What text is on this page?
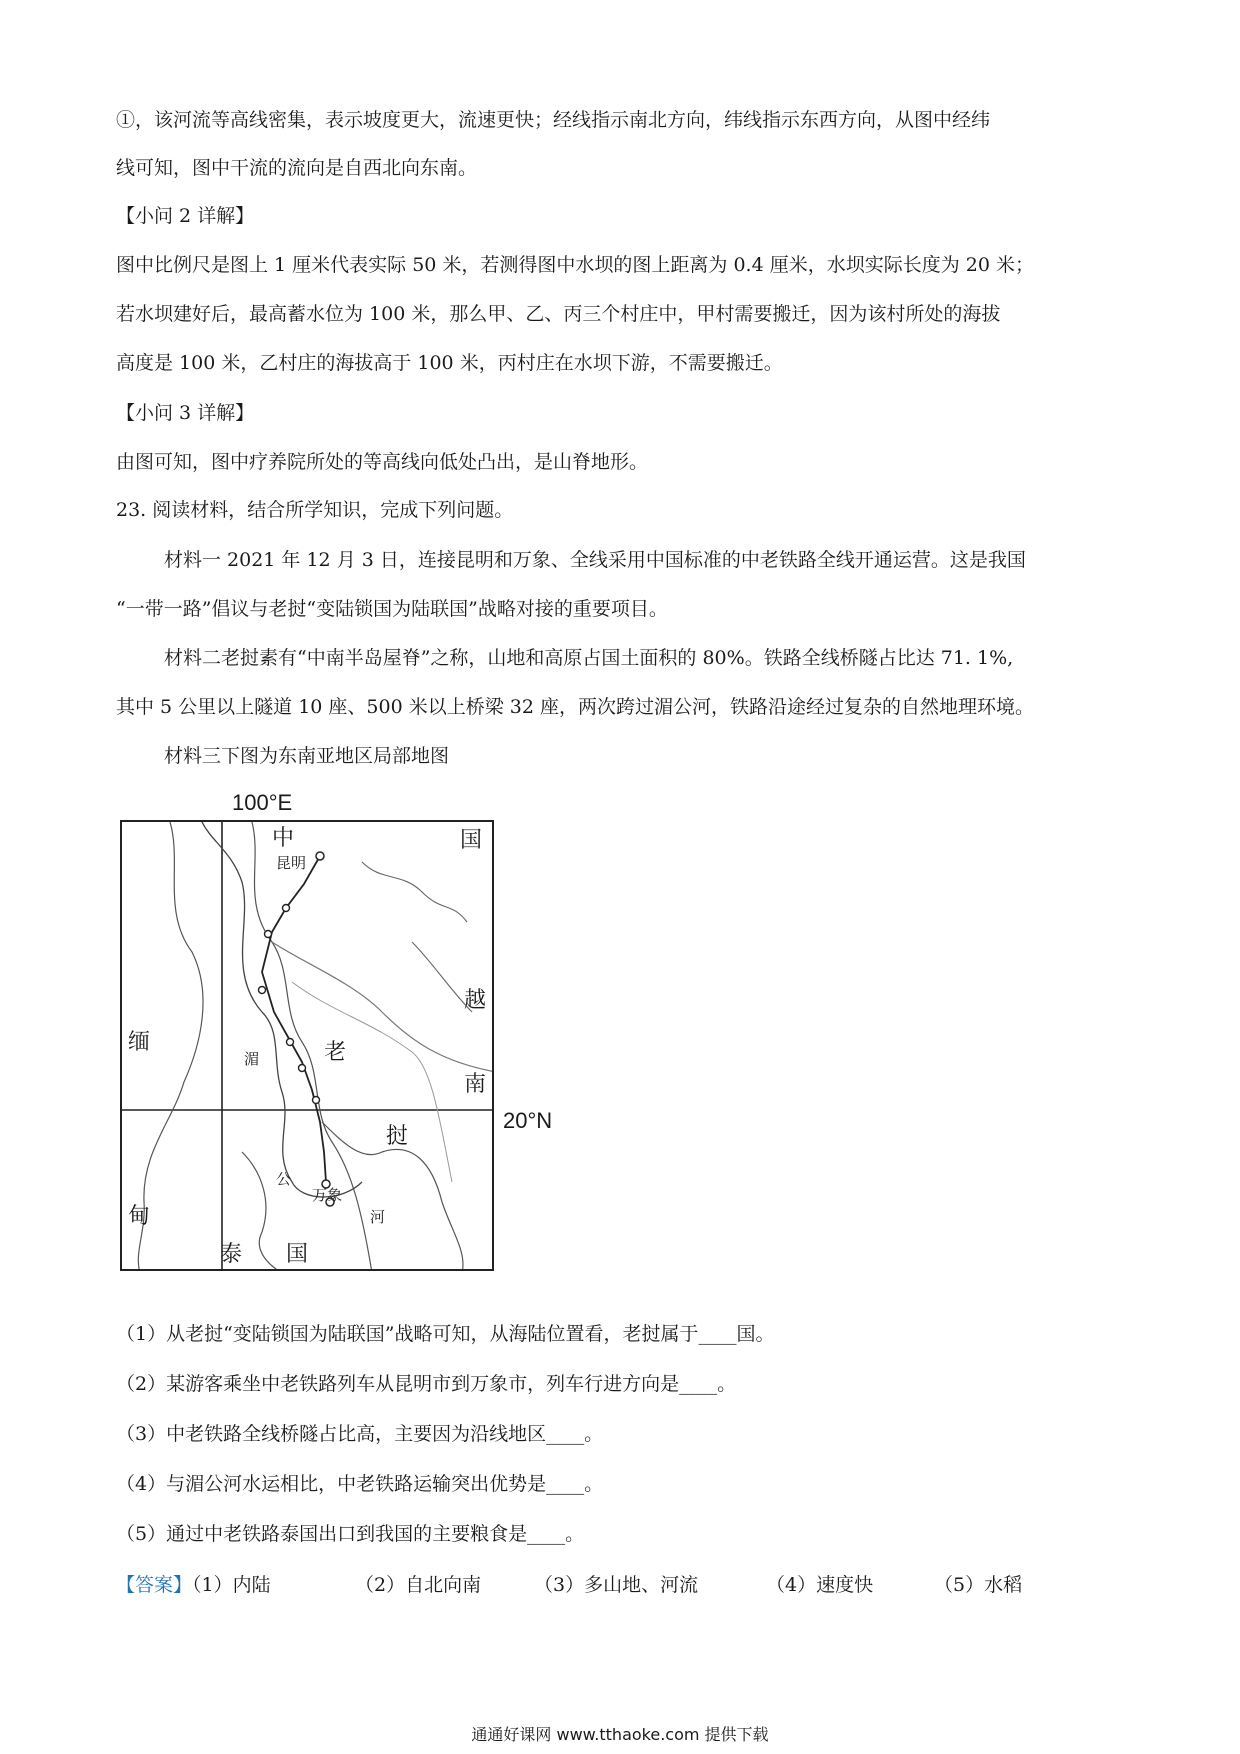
①，该河流等高线密集，表示坡度更大，流速更快；经线指示南北方向，纬线指示东西方向，从图中经纬
线可知，图中干流的流向是自西北向东南。
【小问 2 详解】
图中比例尺是图上 1 厘米代表实际 50 米，若测得图中水坝的图上距离为 0.4 厘米，水坝实际长度为 20 米；
若水坝建好后，最高蓄水位为 100 米，那么甲、乙、丙三个村庄中，甲村需要搬迁，因为该村所处的海拔
高度是 100 米，乙村庄的海拔高于 100 米，丙村庄在水坝下游，不需要搬迁。
【小问 3 详解】
由图可知，图中疗养院所处的等高线向低处凸出，是山脊地形。
23. 阅读材料，结合所学知识，完成下列问题。
材料一 2021 年 12 月 3 日，连接昆明和万象、全线采用中国标准的中老铁路全线开通运营。这是我国
“一带一路”倡议与老挝“变陆锁国为陆联国”战略对接的重要项目。
材料二老挝素有“中南半岛屋脊”之称，山地和高原占国土面积的 80%。铁路全线桥隧占比达 71. 1%,
其中 5 公里以上隧道 10 座、500 米以上桥梁 32 座，两次跨过湄公河，铁路沿途经过复杂的自然地理环境。
材料三下图为东南亚地区局部地图
100°E
20°N
中	国
昆明
越
南
缅
湄	老
挝
公
万象
河
甸
泰 国
（1）从老挝“变陆锁国为陆联国”战略可知，从海陆位置看，老挝属于____国。
（2）某游客乘坐中老铁路列车从昆明市到万象市，列车行进方向是____。
（3）中老铁路全线桥隧占比高，主要因为沿线地区____。
（4）与湄公河水运相比，中老铁路运输突出优势是____。
（5）通过中老铁路泰国出口到我国的主要粮食是____。
【答案】（1）内陆	（2）自北向南	（3）多山地、河流	（4）速度快	（5）水稻
通通好课网 www.tthaoke.com 提供下载
